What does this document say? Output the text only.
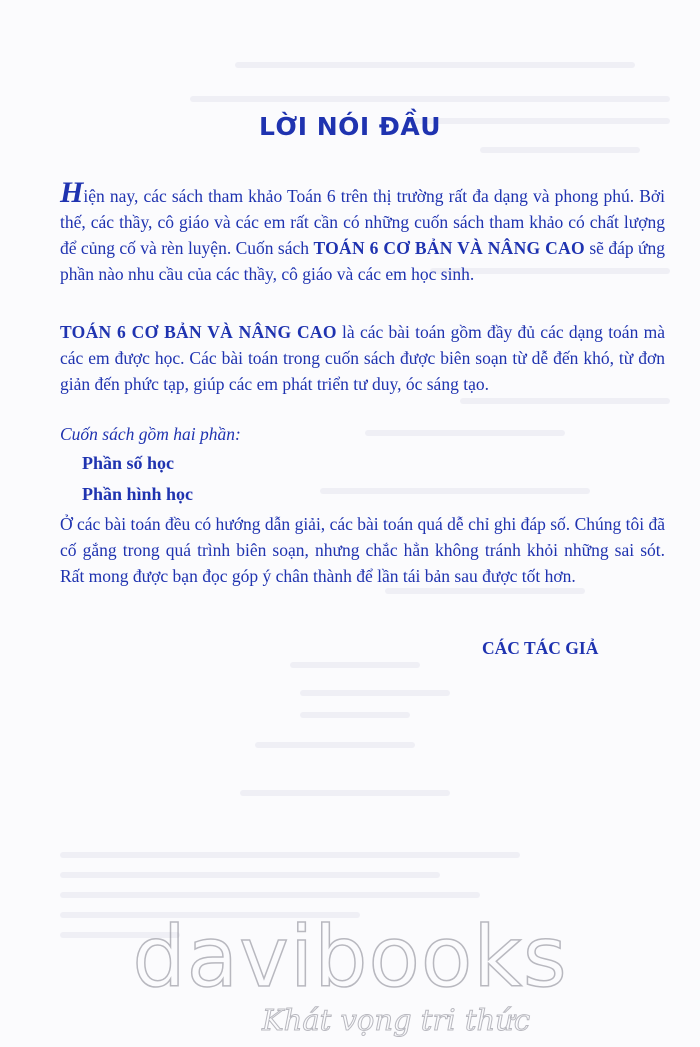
LỜI NÓI ĐẦU

Hiện nay, các sách tham khảo Toán 6 trên thị trường rất đa dạng và phong phú. Bởi thế, các thầy, cô giáo và các em rất cần có những cuốn sách tham khảo có chất lượng để củng cố và rèn luyện. Cuốn sách TOÁN 6 CƠ BẢN VÀ NÂNG CAO sẽ đáp ứng phần nào nhu cầu của các thầy, cô giáo và các em học sinh.

TOÁN 6 CƠ BẢN VÀ NÂNG CAO là các bài toán gồm đầy đủ các dạng toán mà các em được học. Các bài toán trong cuốn sách được biên soạn từ dễ đến khó, từ đơn giản đến phức tạp, giúp các em phát triển tư duy, óc sáng tạo.

Cuốn sách gồm hai phần:

Phần số học
Phần hình học

Ở các bài toán đều có hướng dẫn giải, các bài toán quá dễ chỉ ghi đáp số. Chúng tôi đã cố gắng trong quá trình biên soạn, nhưng chắc hẳn không tránh khỏi những sai sót. Rất mong được bạn đọc góp ý chân thành để lần tái bản sau được tốt hơn.

CÁC TÁC GIẢ
davibooks
Khát vọng tri thức
